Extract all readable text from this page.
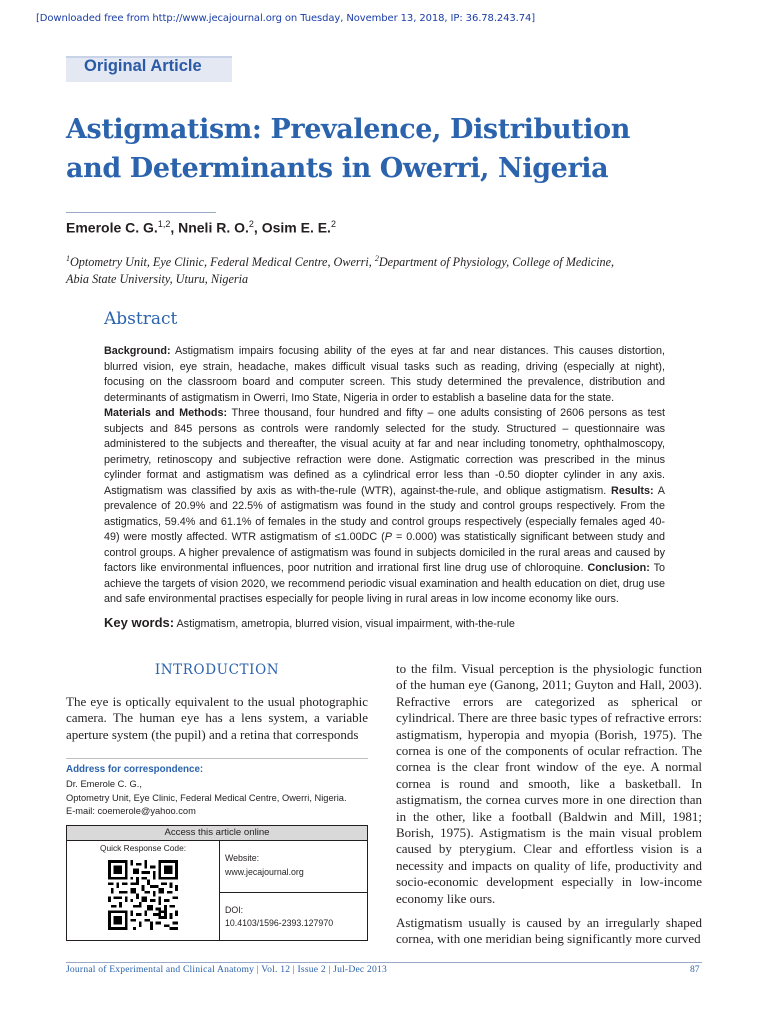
[Downloaded free from http://www.jecajournal.org on Tuesday, November 13, 2018, IP: 36.78.243.74]
Original Article
Astigmatism: Prevalence, Distribution
and Determinants in Owerri, Nigeria
Emerole C. G.$^{1,2}$, Nneli R. O.$^2$, Osim E. E.$^2$
$^1$Optometry Unit, Eye Clinic, Federal Medical Centre, Owerri, $^2$Department of Physiology, College of Medicine,
Abia State University, Uturu, Nigeria
Abstract
Background: Astigmatism impairs focusing ability of the eyes at far and near distances. This causes distortion, blurred vision, eye strain, headache, makes difficult visual tasks such as reading, driving (especially at night), focusing on the classroom board and computer screen. This study determined the prevalence, distribution and determinants of astigmatism in Owerri, Imo State, Nigeria in order to establish a baseline data for the state.
Materials and Methods: Three thousand, four hundred and fifty – one adults consisting of 2606 persons as test subjects and 845 persons as controls were randomly selected for the study. Structured – questionnaire was administered to the subjects and thereafter, the visual acuity at far and near including tonometry, ophthalmoscopy, perimetry, retinoscopy and subjective refraction were done. Astigmatic correction was prescribed in the minus cylinder format and astigmatism was defined as a cylindrical error less than -0.50 diopter cylinder in any axis. Astigmatism was classified by axis as with-the-rule (WTR), against-the-rule, and oblique astigmatism. Results: A prevalence of 20.9% and 22.5% of astigmatism was found in the study and control groups respectively. From the astigmatics, 59.4% and 61.1% of females in the study and control groups respectively (especially females aged 40-49) were mostly affected. WTR astigmatism of ≤1.00DC (P = 0.000) was statistically significant between study and control groups. A higher prevalence of astigmatism was found in subjects domiciled in the rural areas and caused by factors like environmental influences, poor nutrition and irrational first line drug use of chloroquine. Conclusion: To achieve the targets of vision 2020, we recommend periodic visual examination and health education on diet, drug use and safe environmental practises especially for people living in rural areas in low income economy like ours.
Key words: Astigmatism, ametropia, blurred vision, visual impairment, with-the-rule
INTRODUCTION
The eye is optically equivalent to the usual photographic camera. The human eye has a lens system, a variable aperture system (the pupil) and a retina that corresponds
to the film. Visual perception is the physiologic function of the human eye (Ganong, 2011; Guyton and Hall, 2003). Refractive errors are categorized as spherical or cylindrical. There are three basic types of refractive errors: astigmatism, hyperopia and myopia (Borish, 1975). The cornea is one of the components of ocular refraction. The cornea is the clear front window of the eye. A normal cornea is round and smooth, like a basketball. In astigmatism, the cornea curves more in one direction than in the other, like a football (Baldwin and Mill, 1981; Borish, 1975). Astigmatism is the main visual problem caused by pterygium. Clear and effortless vision is a necessity and impacts on quality of life, productivity and socio-economic development especially in low-income economy like ours.
Astigmatism usually is caused by an irregularly shaped cornea, with one meridian being significantly more curved
Address for correspondence:
Dr. Emerole C. G.,
Optometry Unit, Eye Clinic, Federal Medical Centre, Owerri, Nigeria.
E-mail: coemerole@yahoo.com
Access this article online
Quick Response Code:
Website:
www.jecajournal.org
DOI:
10.4103/1596-2393.127970
Journal of Experimental and Clinical Anatomy | Vol. 12 | Issue 2 | Jul-Dec 2013	87
